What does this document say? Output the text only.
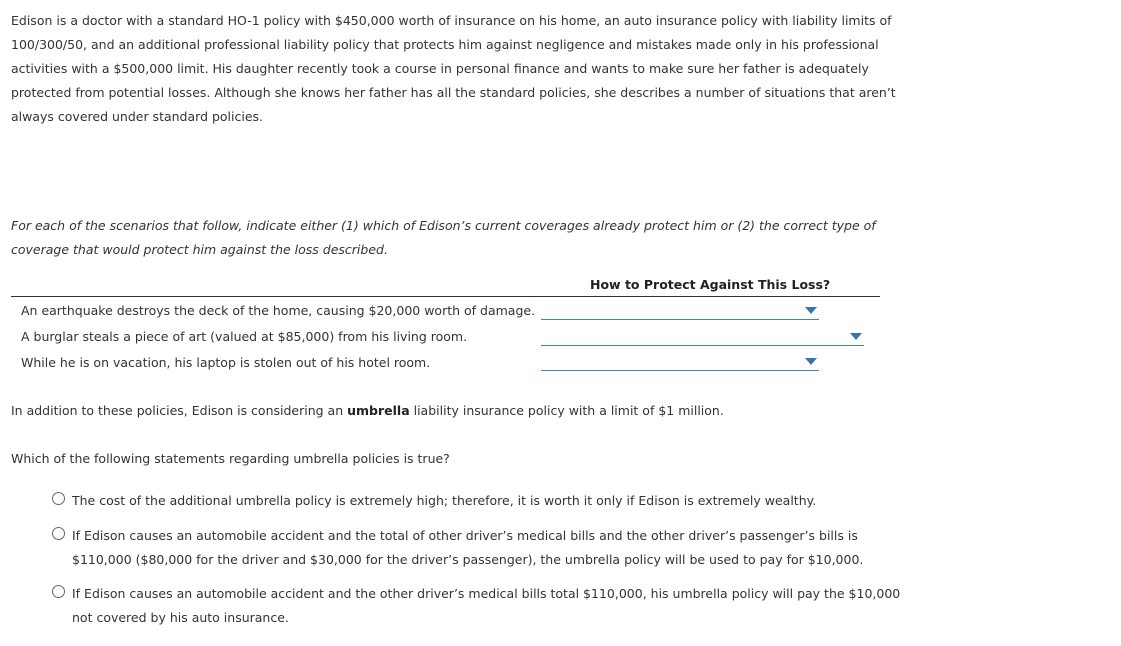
Edison is a doctor with a standard HO-1 policy with $450,000 worth of insurance on his home, an auto insurance policy with liability limits of 100/300/50, and an additional professional liability policy that protects him against negligence and mistakes made only in his professional activities with a $500,000 limit. His daughter recently took a course in personal finance and wants to make sure her father is adequately protected from potential losses. Although she knows her father has all the standard policies, she describes a number of situations that aren’t always covered under standard policies.

For each of the scenarios that follow, indicate either (1) which of Edison’s current coverages already protect him or (2) the correct type of coverage that would protect him against the loss described.

How to Protect Against This Loss?
An earthquake destroys the deck of the home, causing $20,000 worth of damage.
A burglar steals a piece of art (valued at $85,000) from his living room.
While he is on vacation, his laptop is stolen out of his hotel room.

In addition to these policies, Edison is considering an umbrella liability insurance policy with a limit of $1 million.

Which of the following statements regarding umbrella policies is true?

The cost of the additional umbrella policy is extremely high; therefore, it is worth it only if Edison is extremely wealthy.
If Edison causes an automobile accident and the total of other driver’s medical bills and the other driver’s passenger’s bills is $110,000 ($80,000 for the driver and $30,000 for the driver’s passenger), the umbrella policy will be used to pay for $10,000.
If Edison causes an automobile accident and the other driver’s medical bills total $110,000, his umbrella policy will pay the $10,000 not covered by his auto insurance.
